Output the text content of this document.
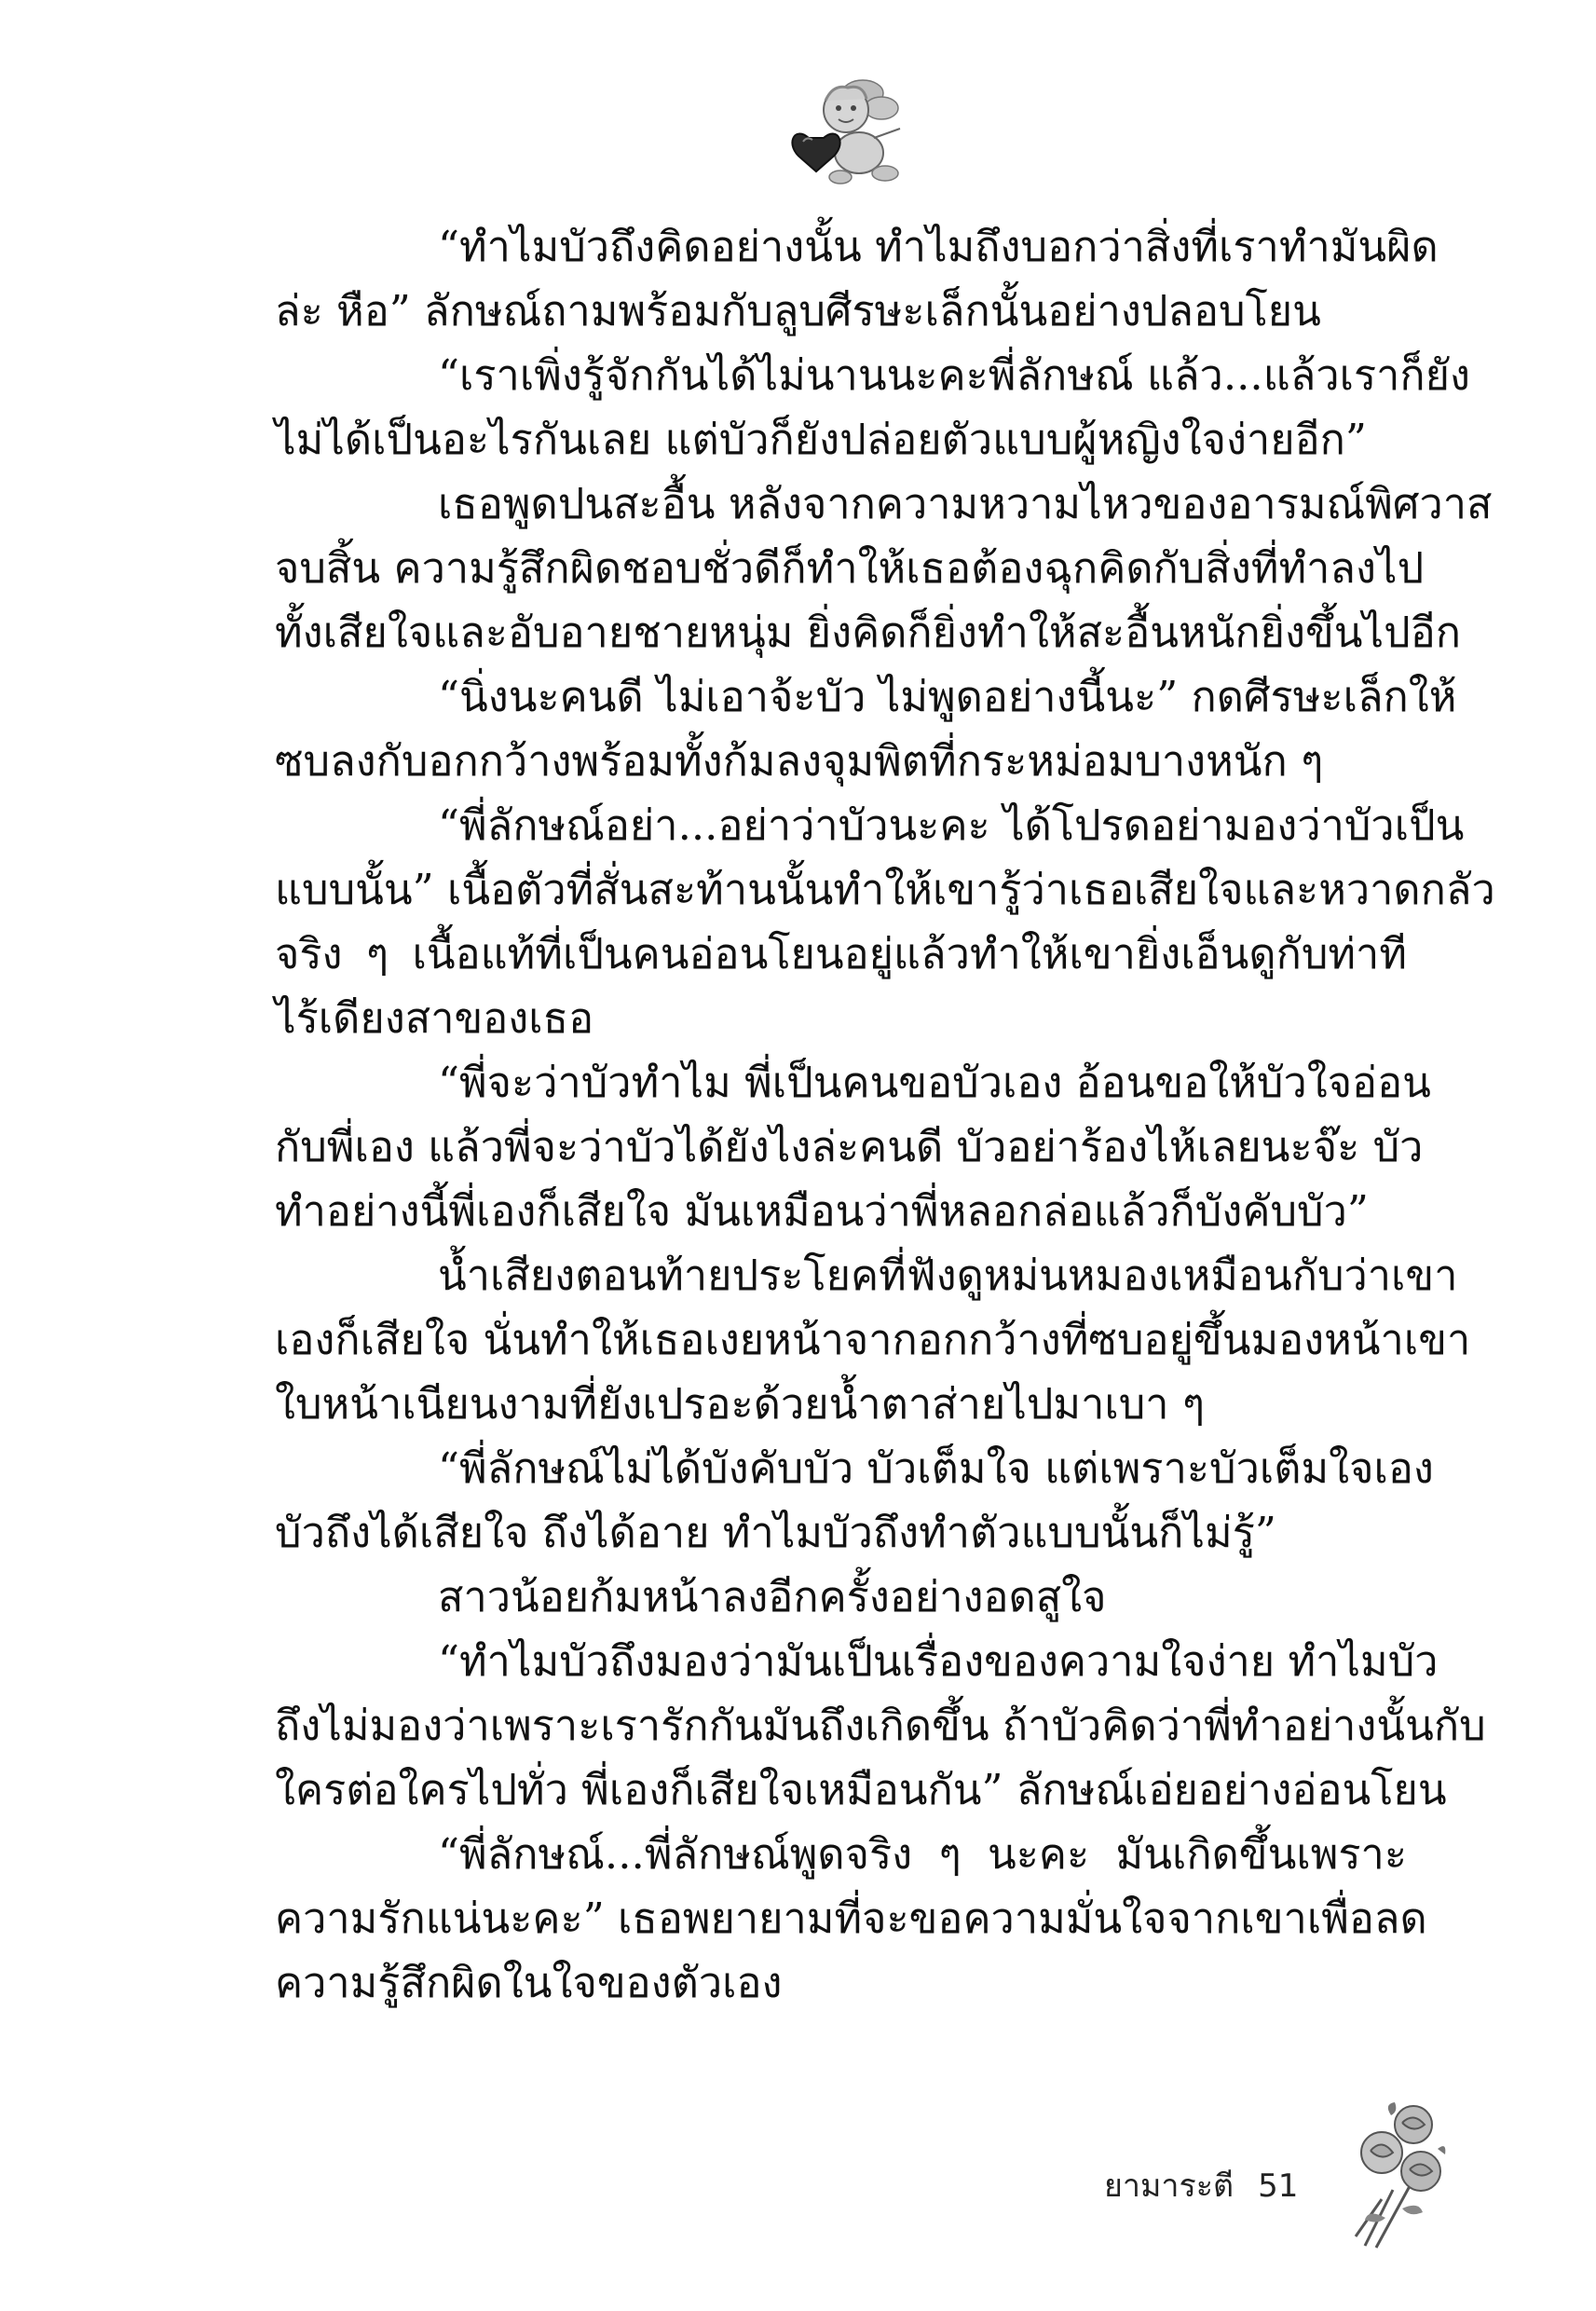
“ทำไมบัวถึงคิดอย่างนั้น ทำไมถึงบอกว่าสิ่งที่เราทำมันผิด
ล่ะ หือ” ลักษณ์ถามพร้อมกับลูบศีรษะเล็กนั้นอย่างปลอบโยน
“เราเพิ่งรู้จักกันได้ไม่นานนะคะพี่ลักษณ์ แล้ว...แล้วเราก็ยัง
ไม่ได้เป็นอะไรกันเลย แต่บัวก็ยังปล่อยตัวแบบผู้หญิงใจง่ายอีก”
เธอพูดปนสะอื้น หลังจากความหวามไหวของอารมณ์พิศวาส
จบสิ้น ความรู้สึกผิดชอบชั่วดีก็ทำให้เธอต้องฉุกคิดกับสิ่งที่ทำลงไป
ทั้งเสียใจและอับอายชายหนุ่ม ยิ่งคิดก็ยิ่งทำให้สะอื้นหนักยิ่งขึ้นไปอีก
“นิ่งนะคนดี ไม่เอาจ้ะบัว ไม่พูดอย่างนี้นะ” กดศีรษะเล็กให้
ซบลงกับอกกว้างพร้อมทั้งก้มลงจุมพิตที่กระหม่อมบางหนัก ๆ
“พี่ลักษณ์อย่า...อย่าว่าบัวนะคะ ได้โปรดอย่ามองว่าบัวเป็น
แบบนั้น” เนื้อตัวที่สั่นสะท้านนั้นทำให้เขารู้ว่าเธอเสียใจและหวาดกลัว
จริง ๆ เนื้อแท้ที่เป็นคนอ่อนโยนอยู่แล้วทำให้เขายิ่งเอ็นดูกับท่าที
ไร้เดียงสาของเธอ
“พี่จะว่าบัวทำไม พี่เป็นคนขอบัวเอง อ้อนขอให้บัวใจอ่อน
กับพี่เอง แล้วพี่จะว่าบัวได้ยังไงล่ะคนดี บัวอย่าร้องไห้เลยนะจ๊ะ บัว
ทำอย่างนี้พี่เองก็เสียใจ มันเหมือนว่าพี่หลอกล่อแล้วก็บังคับบัว”
น้ำเสียงตอนท้ายประโยคที่ฟังดูหม่นหมองเหมือนกับว่าเขา
เองก็เสียใจ นั่นทำให้เธอเงยหน้าจากอกกว้างที่ซบอยู่ขึ้นมองหน้าเขา
ใบหน้าเนียนงามที่ยังเปรอะด้วยน้ำตาส่ายไปมาเบา ๆ
“พี่ลักษณ์ไม่ได้บังคับบัว บัวเต็มใจ แต่เพราะบัวเต็มใจเอง
บัวถึงได้เสียใจ ถึงได้อาย ทำไมบัวถึงทำตัวแบบนั้นก็ไม่รู้”
สาวน้อยก้มหน้าลงอีกครั้งอย่างอดสูใจ
“ทำไมบัวถึงมองว่ามันเป็นเรื่องของความใจง่าย ทำไมบัว
ถึงไม่มองว่าเพราะเรารักกันมันถึงเกิดขึ้น ถ้าบัวคิดว่าพี่ทำอย่างนั้นกับ
ใครต่อใครไปทั่ว พี่เองก็เสียใจเหมือนกัน” ลักษณ์เอ่ยอย่างอ่อนโยน
“พี่ลักษณ์...พี่ลักษณ์พูดจริง ๆ นะคะ มันเกิดขึ้นเพราะ
ความรักแน่นะคะ” เธอพยายามที่จะขอความมั่นใจจากเขาเพื่อลด
ความรู้สึกผิดในใจของตัวเอง
ยามาระตี 51
